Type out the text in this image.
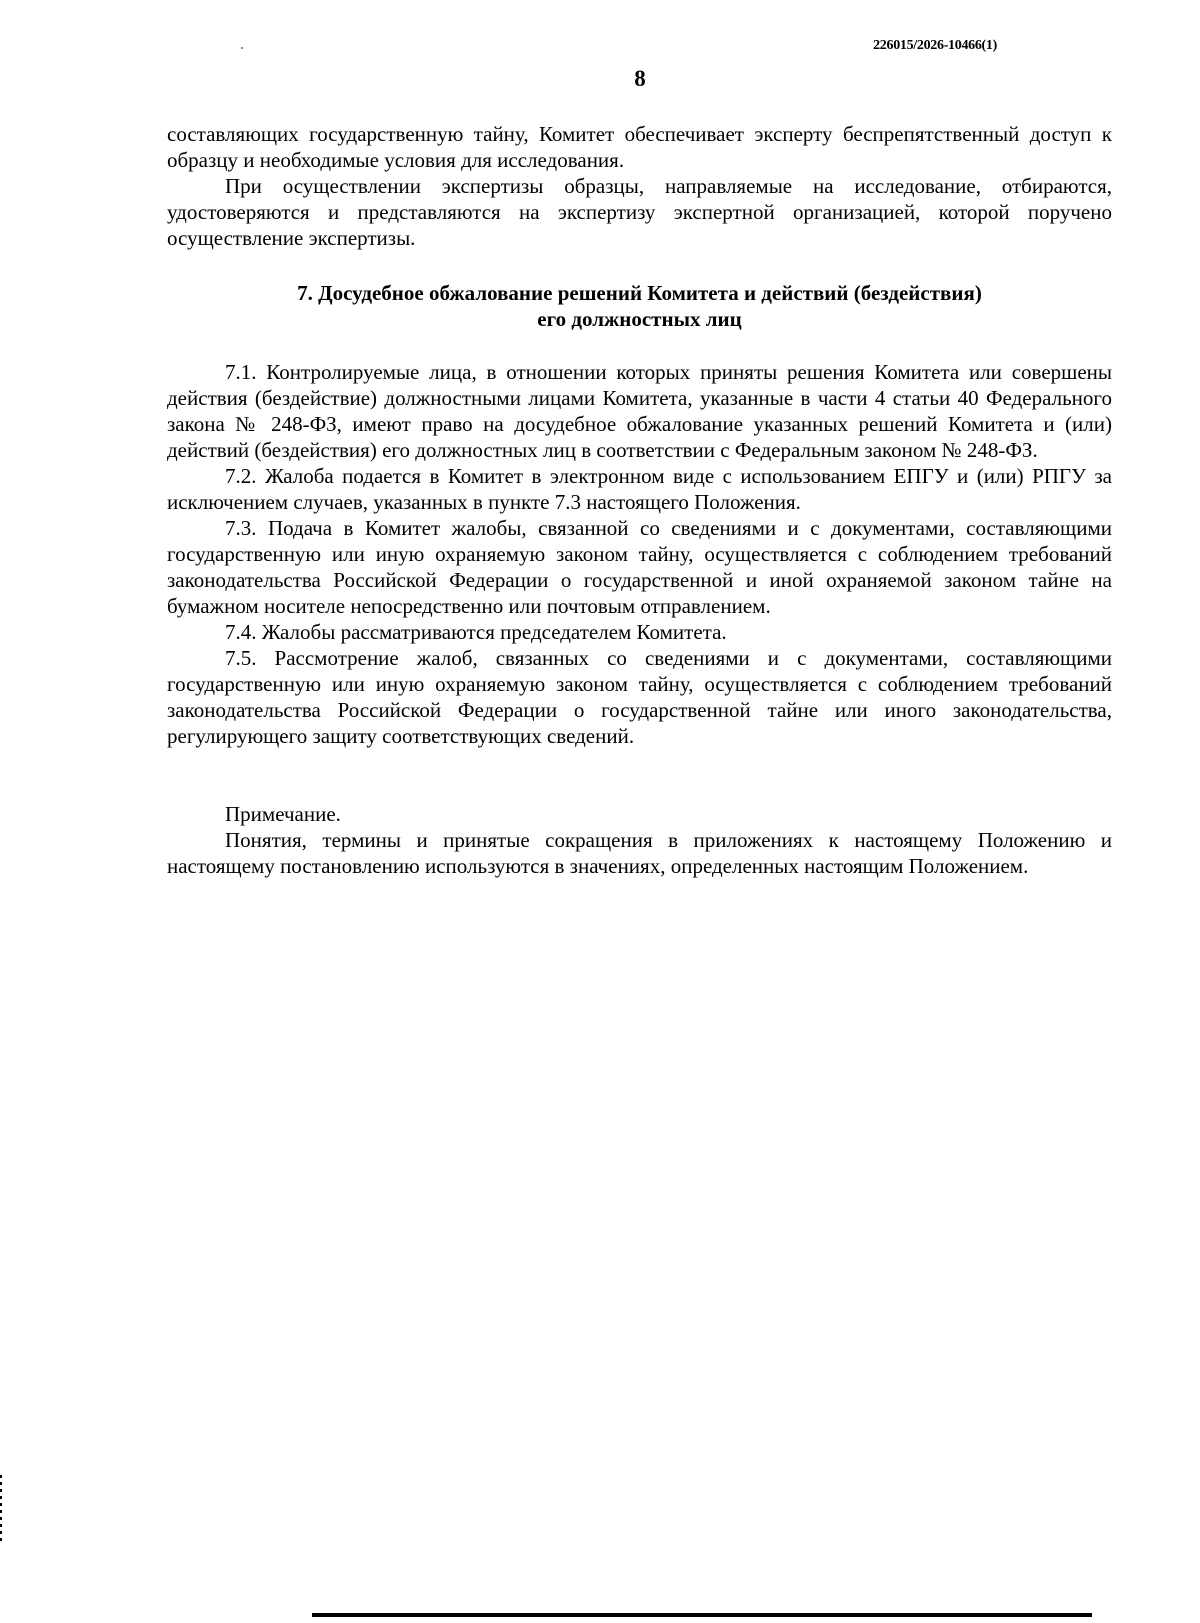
226015/2026-10466(1)
8

составляющих государственную тайну, Комитет обеспечивает эксперту беспрепятственный доступ к образцу и необходимые условия для исследования.

При осуществлении экспертизы образцы, направляемые на исследование, отбираются, удостоверяются и представляются на экспертизу экспертной организацией, которой поручено осуществление экспертизы.

7. Досудебное обжалование решений Комитета и действий (бездействия)
его должностных лиц

7.1. Контролируемые лица, в отношении которых приняты решения Комитета или совершены действия (бездействие) должностными лицами Комитета, указанные в части 4 статьи 40 Федерального закона № 248-ФЗ, имеют право на досудебное обжалование указанных решений Комитета и (или) действий (бездействия) его должностных лиц в соответствии с Федеральным законом № 248-ФЗ.

7.2. Жалоба подается в Комитет в электронном виде с использованием ЕПГУ и (или) РПГУ за исключением случаев, указанных в пункте 7.3 настоящего Положения.

7.3. Подача в Комитет жалобы, связанной со сведениями и с документами, составляющими государственную или иную охраняемую законом тайну, осуществляется с соблюдением требований законодательства Российской Федерации о государственной и иной охраняемой законом тайне на бумажном носителе непосредственно или почтовым отправлением.

7.4. Жалобы рассматриваются председателем Комитета.

7.5. Рассмотрение жалоб, связанных со сведениями и с документами, составляющими государственную или иную охраняемую законом тайну, осуществляется с соблюдением требований законодательства Российской Федерации о государственной тайне или иного законодательства, регулирующего защиту соответствующих сведений.

Примечание.

Понятия, термины и принятые сокращения в приложениях к настоящему Положению и настоящему постановлению используются в значениях, определенных настоящим Положением.
